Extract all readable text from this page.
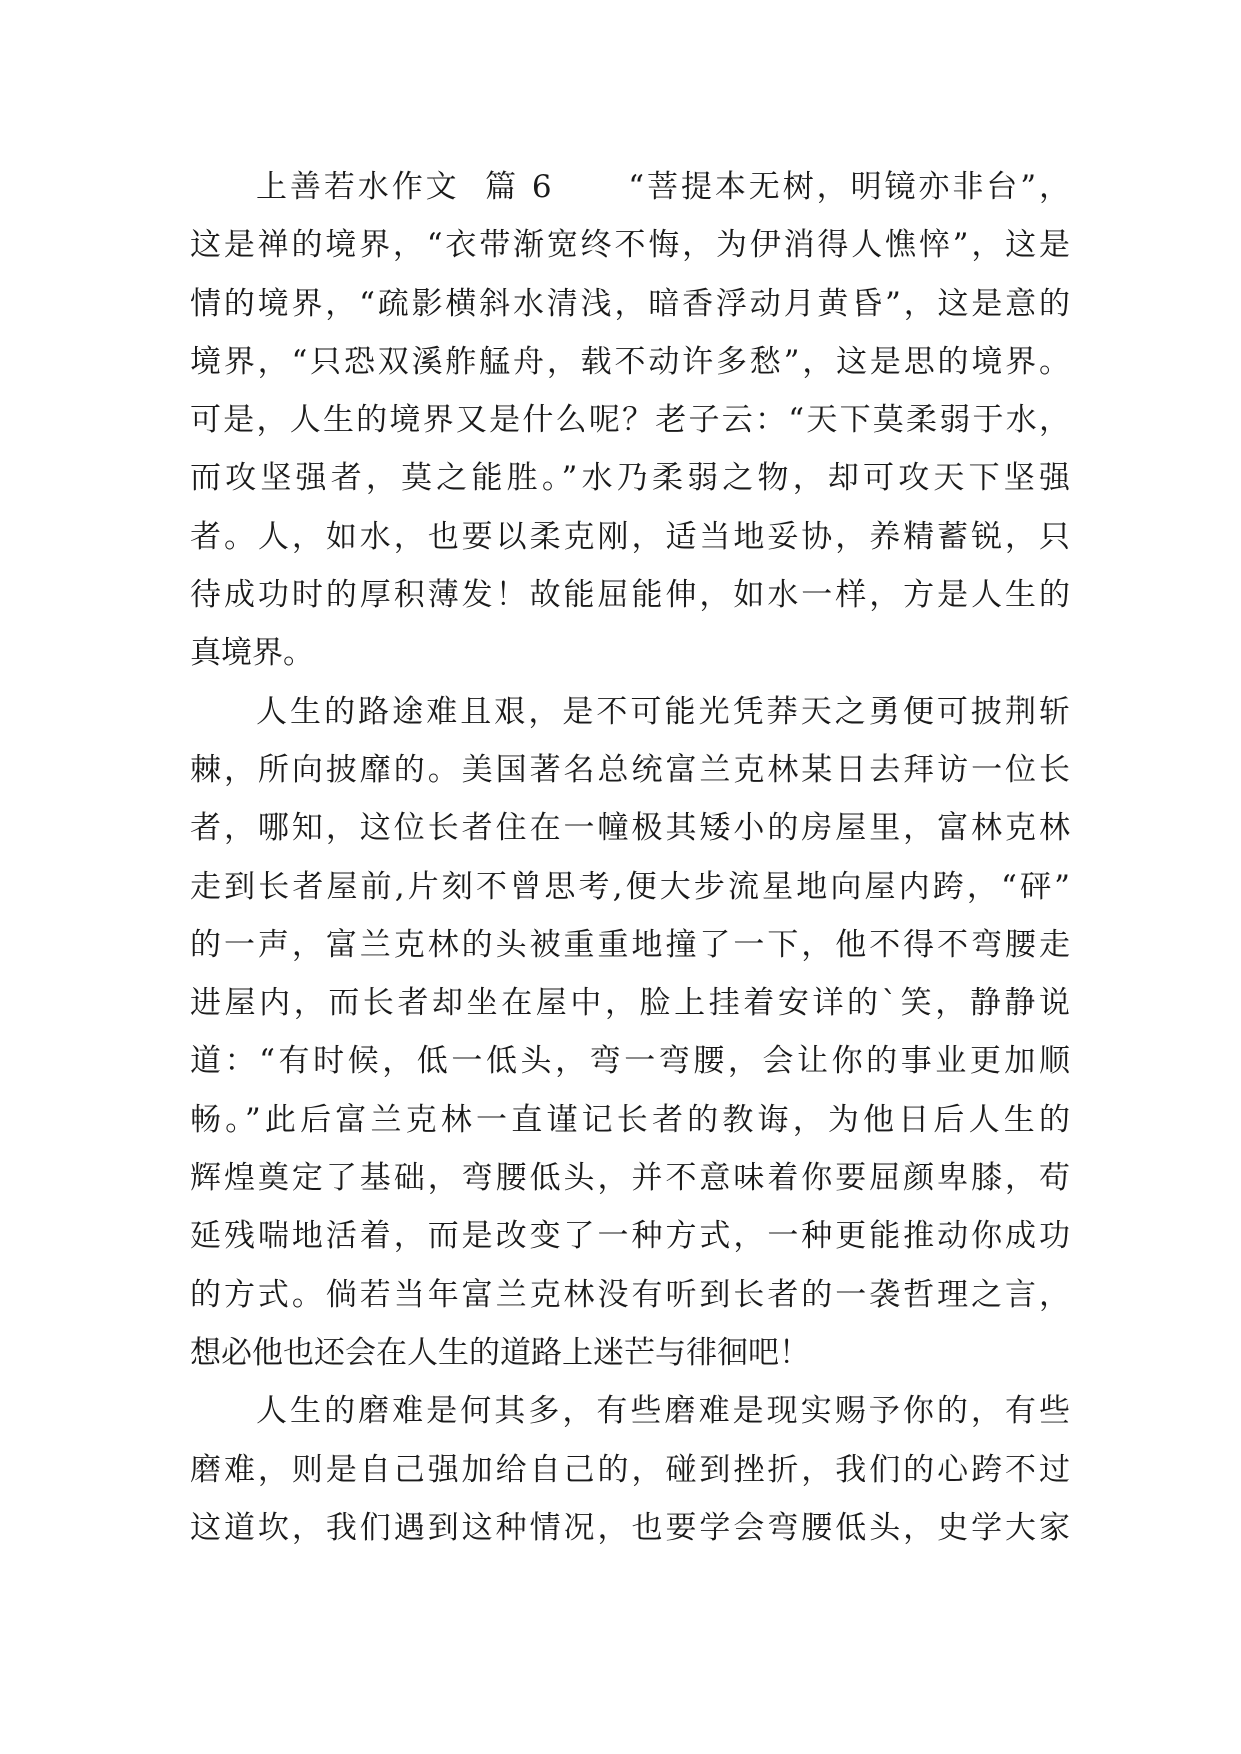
上善若水作文  篇 6      “菩提本无树，明镜亦非台”，
这是禅的境界，“衣带渐宽终不悔，为伊消得人憔悴”，这是
情的境界，“疏影横斜水清浅，暗香浮动月黄昏”，这是意的
境界，“只恐双溪舴艋舟，载不动许多愁”，这是思的境界。
可是，人生的境界又是什么呢？老子云：“天下莫柔弱于水，
而攻坚强者，莫之能胜。”水乃柔弱之物，却可攻天下坚强
者。人，如水，也要以柔克刚，适当地妥协，养精蓄锐，只
待成功时的厚积薄发！故能屈能伸，如水一样，方是人生的
真境界。
人生的路途难且艰，是不可能光凭莽天之勇便可披荆斩
棘，所向披靡的。美国著名总统富兰克林某日去拜访一位长
者，哪知，这位长者住在一幢极其矮小的房屋里，富林克林
走到长者屋前,片刻不曾思考,便大步流星地向屋内跨，“砰”
的一声，富兰克林的头被重重地撞了一下，他不得不弯腰走
进屋内，而长者却坐在屋中，脸上挂着安详的`笑，静静说
道：“有时候，低一低头，弯一弯腰，会让你的事业更加顺
畅。”此后富兰克林一直谨记长者的教诲，为他日后人生的
辉煌奠定了基础，弯腰低头，并不意味着你要屈颜卑膝，苟
延残喘地活着，而是改变了一种方式，一种更能推动你成功
的方式。倘若当年富兰克林没有听到长者的一袭哲理之言，
想必他也还会在人生的道路上迷芒与徘徊吧！
人生的磨难是何其多，有些磨难是现实赐予你的，有些
磨难，则是自己强加给自己的，碰到挫折，我们的心跨不过
这道坎，我们遇到这种情况，也要学会弯腰低头，史学大家
